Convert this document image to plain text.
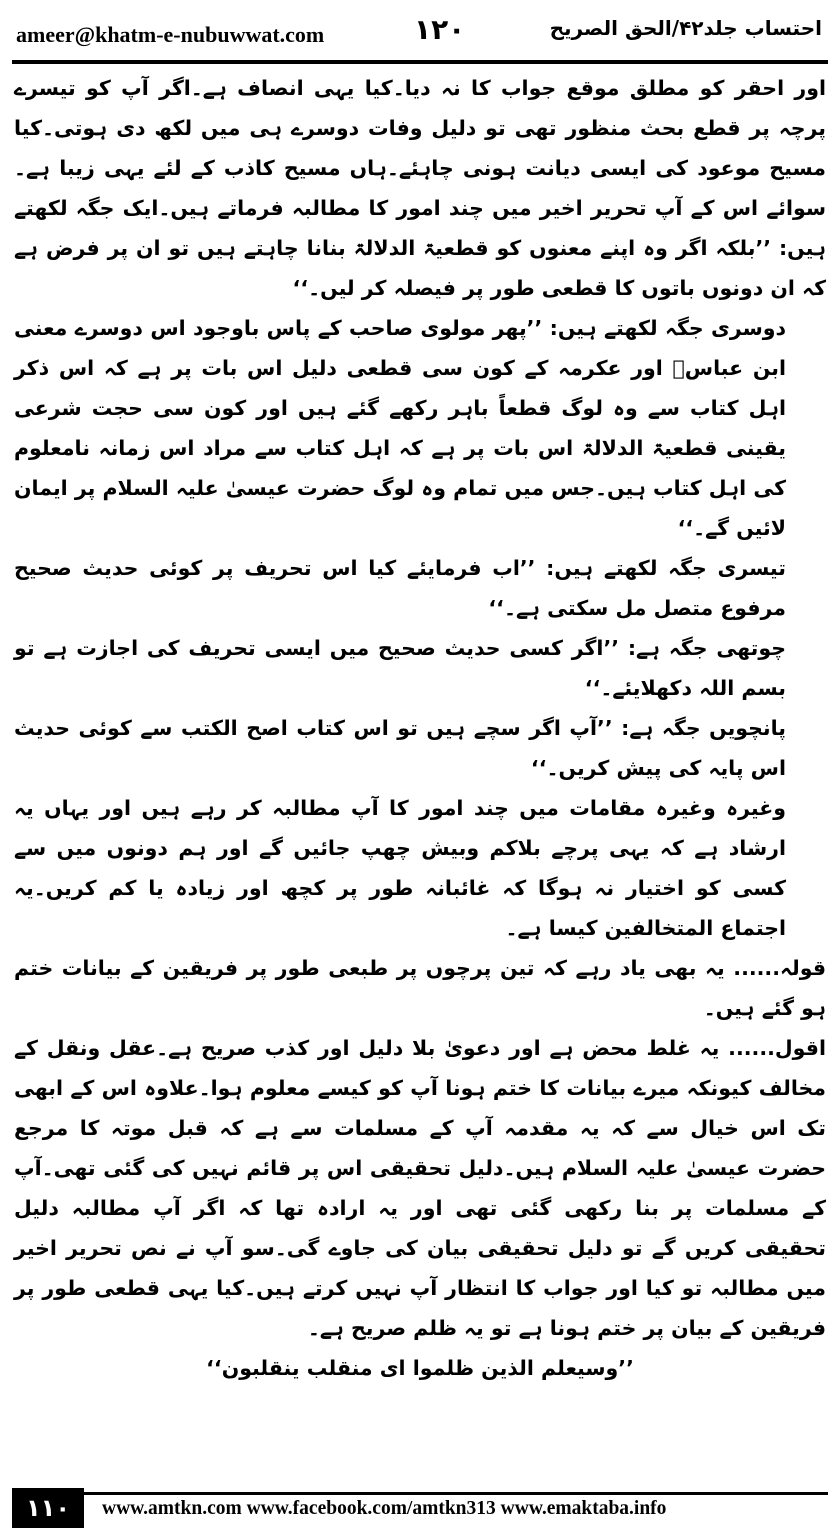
ameer@khatm-e-nubuwwat.com	۱۲۰	احتساب جلد۴۲/الحق الصریح

اور احقر کو مطلق موقع جواب کا نہ دیا۔کیا یہی انصاف ہے۔اگر آپ کو تیسرے پرچہ پر قطع بحث منظور تھی تو دلیل وفات دوسرے ہی میں لکھ دی ہوتی۔کیا مسیح موعود کی ایسی دیانت ہونی چاہئے۔ہاں مسیح کاذب کے لئے یہی زیبا ہے۔سوائے اس کے آپ تحریر اخیر میں چند امور کا مطالبہ فرماتے ہیں۔ایک جگہ لکھتے ہیں: ’’بلکہ اگر وہ اپنے معنوں کو قطعیۃ الدلالۃ بنانا چاہتے ہیں تو ان پر فرض ہے کہ ان دونوں باتوں کا قطعی طور پر فیصلہ کر لیں۔‘‘

دوسری جگہ لکھتے ہیں: ’’پھر مولوی صاحب کے پاس باوجود اس دوسرے معنی ابن عباسؓ اور عکرمہ کے کون سی قطعی دلیل اس بات پر ہے کہ اس ذکر اہل کتاب سے وہ لوگ قطعاً باہر رکھے گئے ہیں اور کون سی حجت شرعی یقینی قطعیۃ الدلالۃ اس بات پر ہے کہ اہل کتاب سے مراد اس زمانہ نامعلوم کی اہل کتاب ہیں۔جس میں تمام وہ لوگ حضرت عیسیٰ علیہ السلام پر ایمان لائیں گے۔‘‘

تیسری جگہ لکھتے ہیں: ’’اب فرمایئے کیا اس تحریف پر کوئی حدیث صحیح مرفوع متصل مل سکتی ہے۔‘‘

چوتھی جگہ ہے: ’’اگر کسی حدیث صحیح میں ایسی تحریف کی اجازت ہے تو بسم اللہ دکھلایئے۔‘‘

پانچویں جگہ ہے: ’’آپ اگر سچے ہیں تو اس کتاب اصح الکتب سے کوئی حدیث اس پایہ کی پیش کریں۔‘‘

وغیرہ وغیرہ مقامات میں چند امور کا آپ مطالبہ کر رہے ہیں اور یہاں یہ ارشاد ہے کہ یہی پرچے بلاکم وبیش چھپ جائیں گے اور ہم دونوں میں سے کسی کو اختیار نہ ہوگا کہ غائبانہ طور پر کچھ اور زیادہ یا کم کریں۔یہ اجتماع المتخالفین کیسا ہے۔

قولہ...... یہ بھی یاد رہے کہ تین پرچوں پر طبعی طور پر فریقین کے بیانات ختم ہو گئے ہیں۔

اقول...... یہ غلط محض ہے اور دعویٰ بلا دلیل اور کذب صریح ہے۔عقل ونقل کے مخالف کیونکہ میرے بیانات کا ختم ہونا آپ کو کیسے معلوم ہوا۔علاوہ اس کے ابھی تک اس خیال سے کہ یہ مقدمہ آپ کے مسلمات سے ہے کہ قبل موتہ کا مرجع حضرت عیسیٰ علیہ السلام ہیں۔دلیل تحقیقی اس پر قائم نہیں کی گئی تھی۔آپ کے مسلمات پر بنا رکھی گئی تھی اور یہ ارادہ تھا کہ اگر آپ مطالبہ دلیل تحقیقی کریں گے تو دلیل تحقیقی بیان کی جاوے گی۔سو آپ نے نص تحریر اخیر میں مطالبہ تو کیا اور جواب کا انتظار آپ نہیں کرتے ہیں۔کیا یہی قطعی طور پر فریقین کے بیان پر ختم ہونا ہے تو یہ ظلم صریح ہے۔

’’وسیعلم الذین ظلموا ای منقلب ینقلبون‘‘

۱۱۰	www.amtkn.com www.facebook.com/amtkn313 www.emaktaba.info
